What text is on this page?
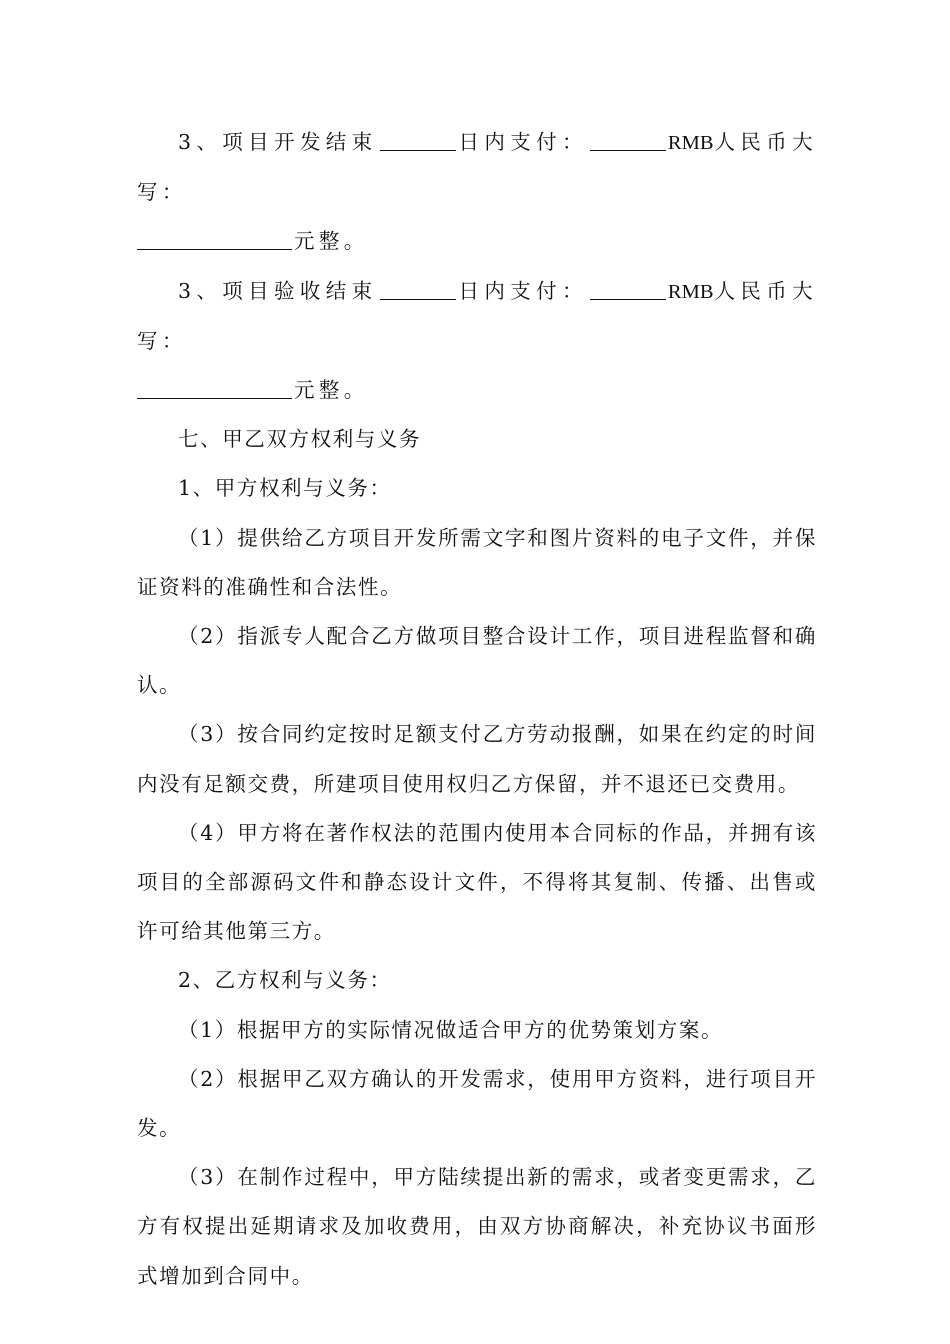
3、项目开发结束	日内支付：	RMB人民币大写：
元整。

3、项目验收结束	日内支付：	RMB人民币大写：
元整。

七、甲乙双方权利与义务

1、甲方权利与义务：

（1）提供给乙方项目开发所需文字和图片资料的电子文件，并保证资料的准确性和合法性。

（2）指派专人配合乙方做项目整合设计工作，项目进程监督和确认。

（3）按合同约定按时足额支付乙方劳动报酬，如果在约定的时间内没有足额交费，所建项目使用权归乙方保留，并不退还已交费用。

（4）甲方将在著作权法的范围内使用本合同标的作品，并拥有该项目的全部源码文件和静态设计文件，不得将其复制、传播、出售或许可给其他第三方。

2、乙方权利与义务：

（1）根据甲方的实际情况做适合甲方的优势策划方案。

（2）根据甲乙双方确认的开发需求，使用甲方资料，进行项目开发。

（3）在制作过程中，甲方陆续提出新的需求，或者变更需求，乙方有权提出延期请求及加收费用，由双方协商解决，补充协议书面形式增加到合同中。
